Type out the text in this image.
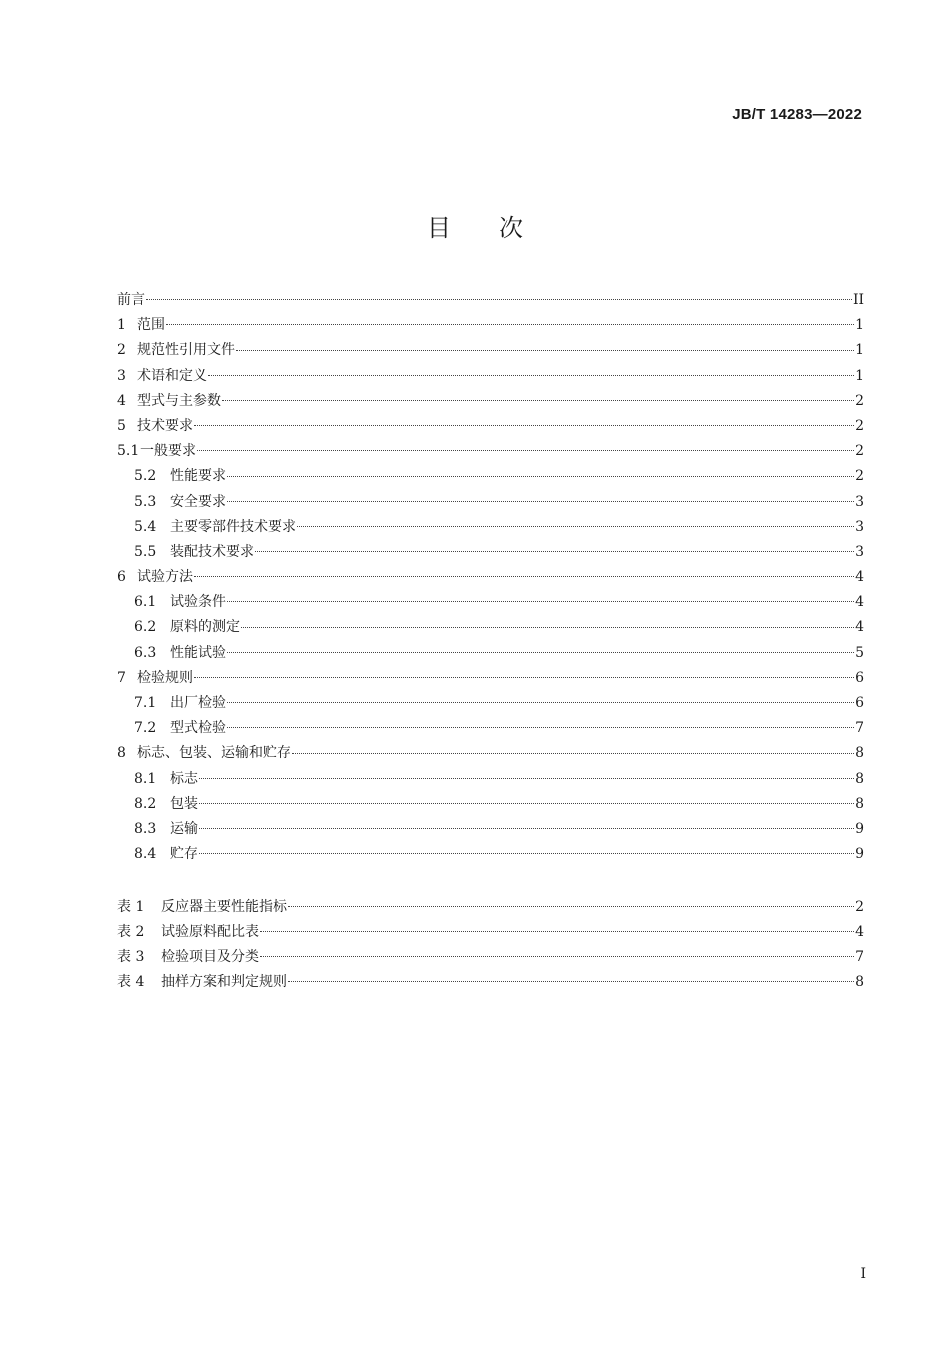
JB/T 14283—2022
目次
前言	II
1 范围	1
2 规范性引用文件	1
3 术语和定义	1
4 型式与主参数	2
5 技术要求	2
5.1 一般要求	2
5.2 性能要求	2
5.3 安全要求	3
5.4 主要零部件技术要求	3
5.5 装配技术要求	3
6 试验方法	4
6.1 试验条件	4
6.2 原料的测定	4
6.3 性能试验	5
7 检验规则	6
7.1 出厂检验	6
7.2 型式检验	7
8 标志、包装、运输和贮存	8
8.1 标志	8
8.2 包装	8
8.3 运输	9
8.4 贮存	9
表 1	反应器主要性能指标	2
表 2	试验原料配比表	4
表 3	检验项目及分类	7
表 4	抽样方案和判定规则	8
I
